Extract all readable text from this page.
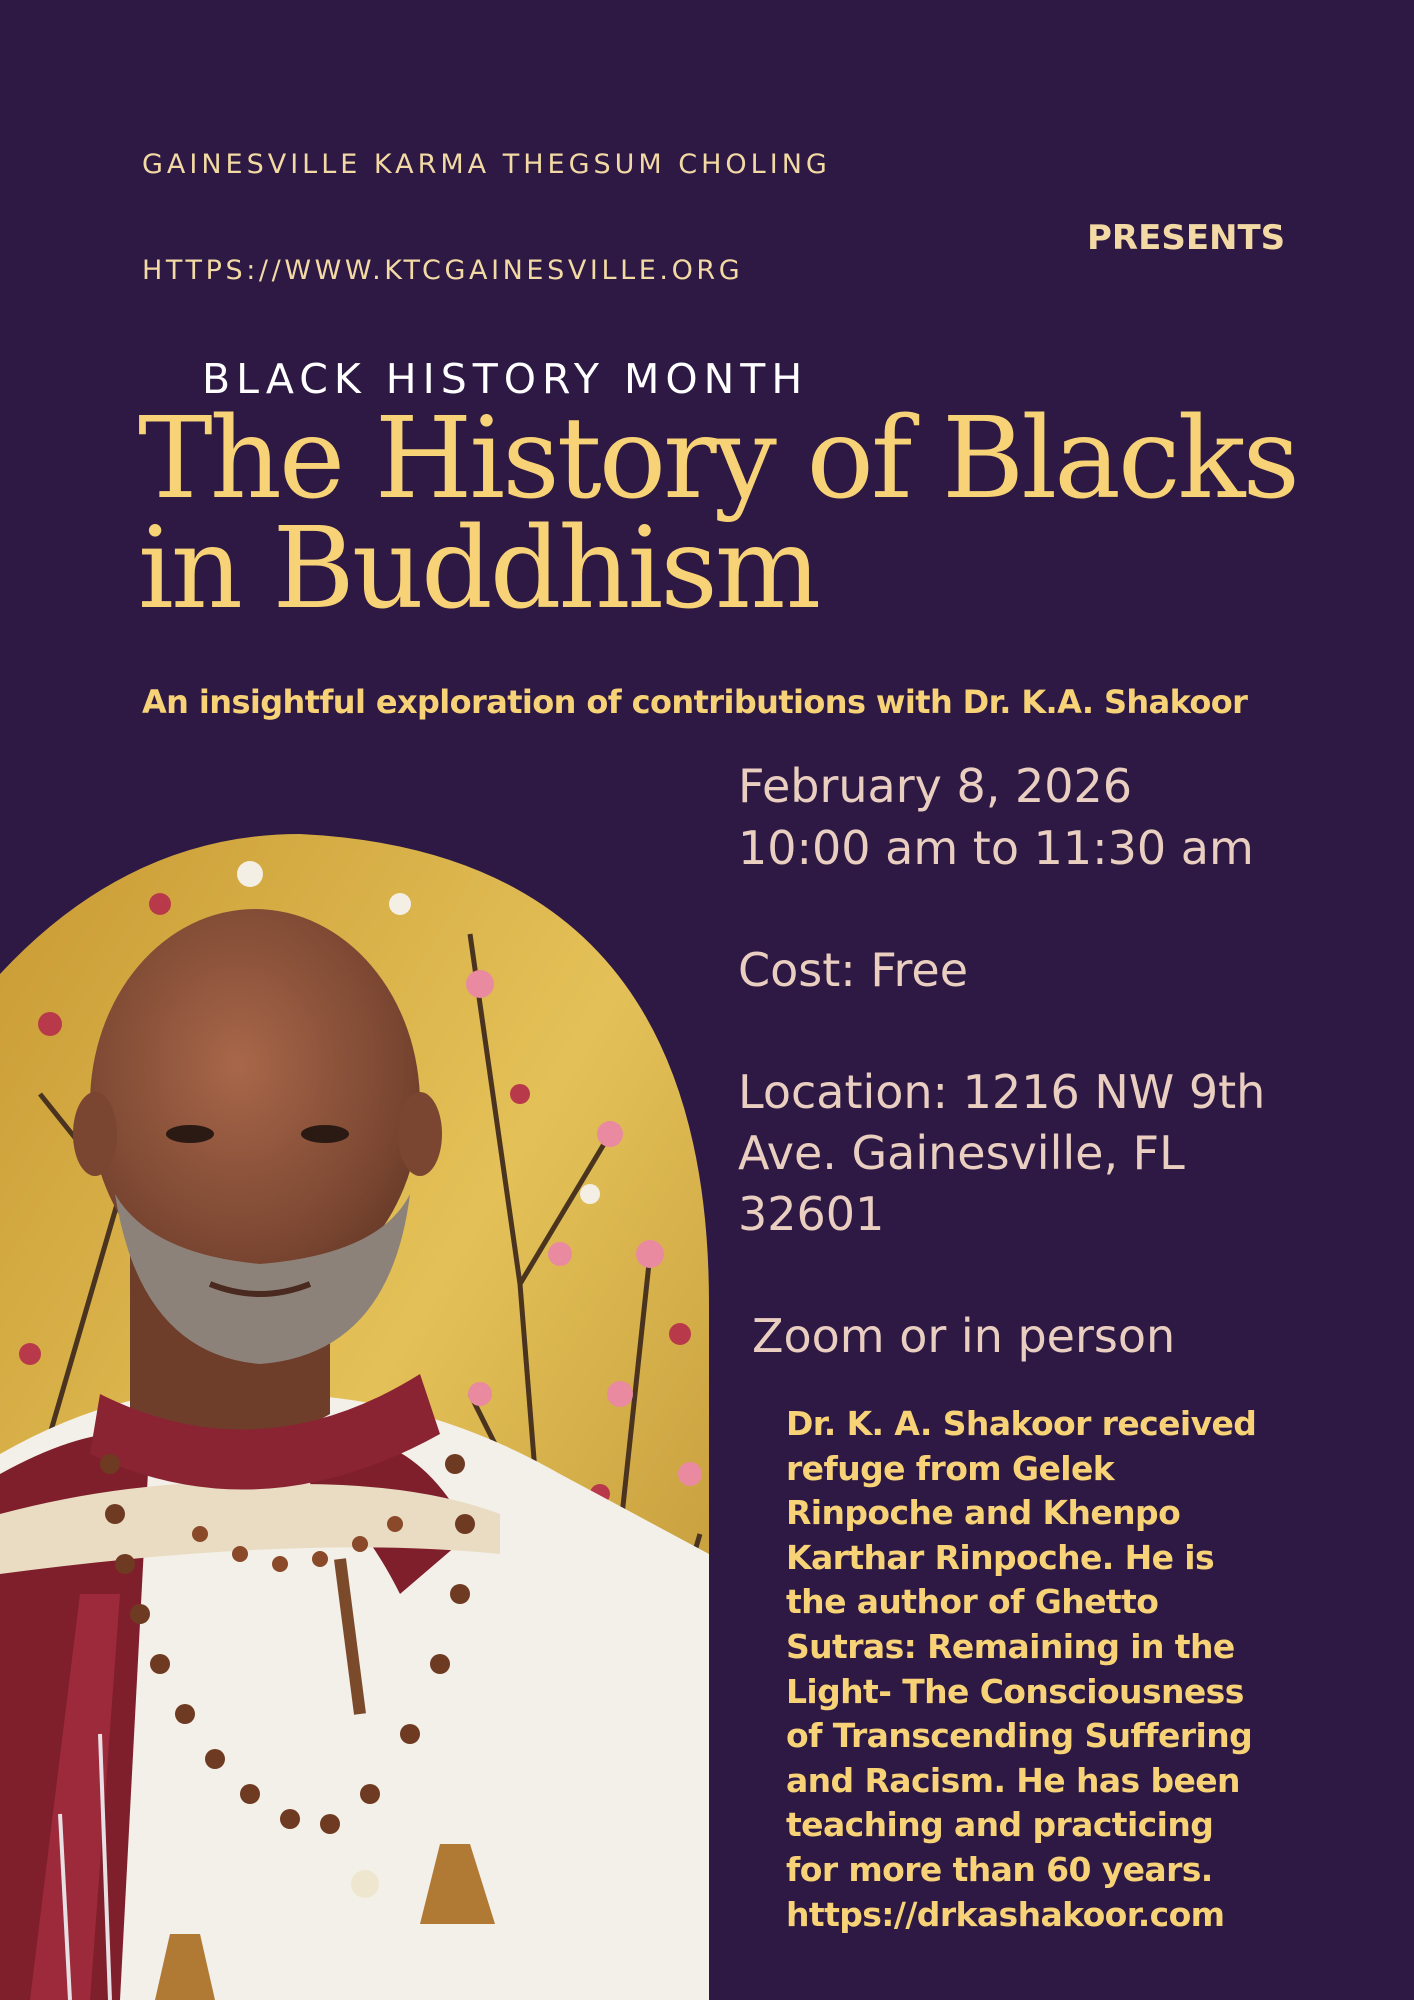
GAINESVILLE KARMA THEGSUM CHOLING
HTTPS://WWW.KTCGAINESVILLE.ORG
PRESENTS
BLACK HISTORY MONTH
The History of Blacks in Buddhism
An insightful exploration of contributions with Dr. K.A. Shakoor
February 8, 2026
10:00 am to 11:30 am
Cost: Free
Location: 1216 NW 9th Ave. Gainesville, FL 32601
Zoom or in person
Dr. K. A. Shakoor received
refuge from Gelek
Rinpoche and Khenpo
Karthar Rinpoche. He is
the author of Ghetto
Sutras: Remaining in the
Light- The Consciousness
of Transcending Suffering
and Racism. He has been
teaching and practicing
for more than 60 years.
https://drkashakoor.com
